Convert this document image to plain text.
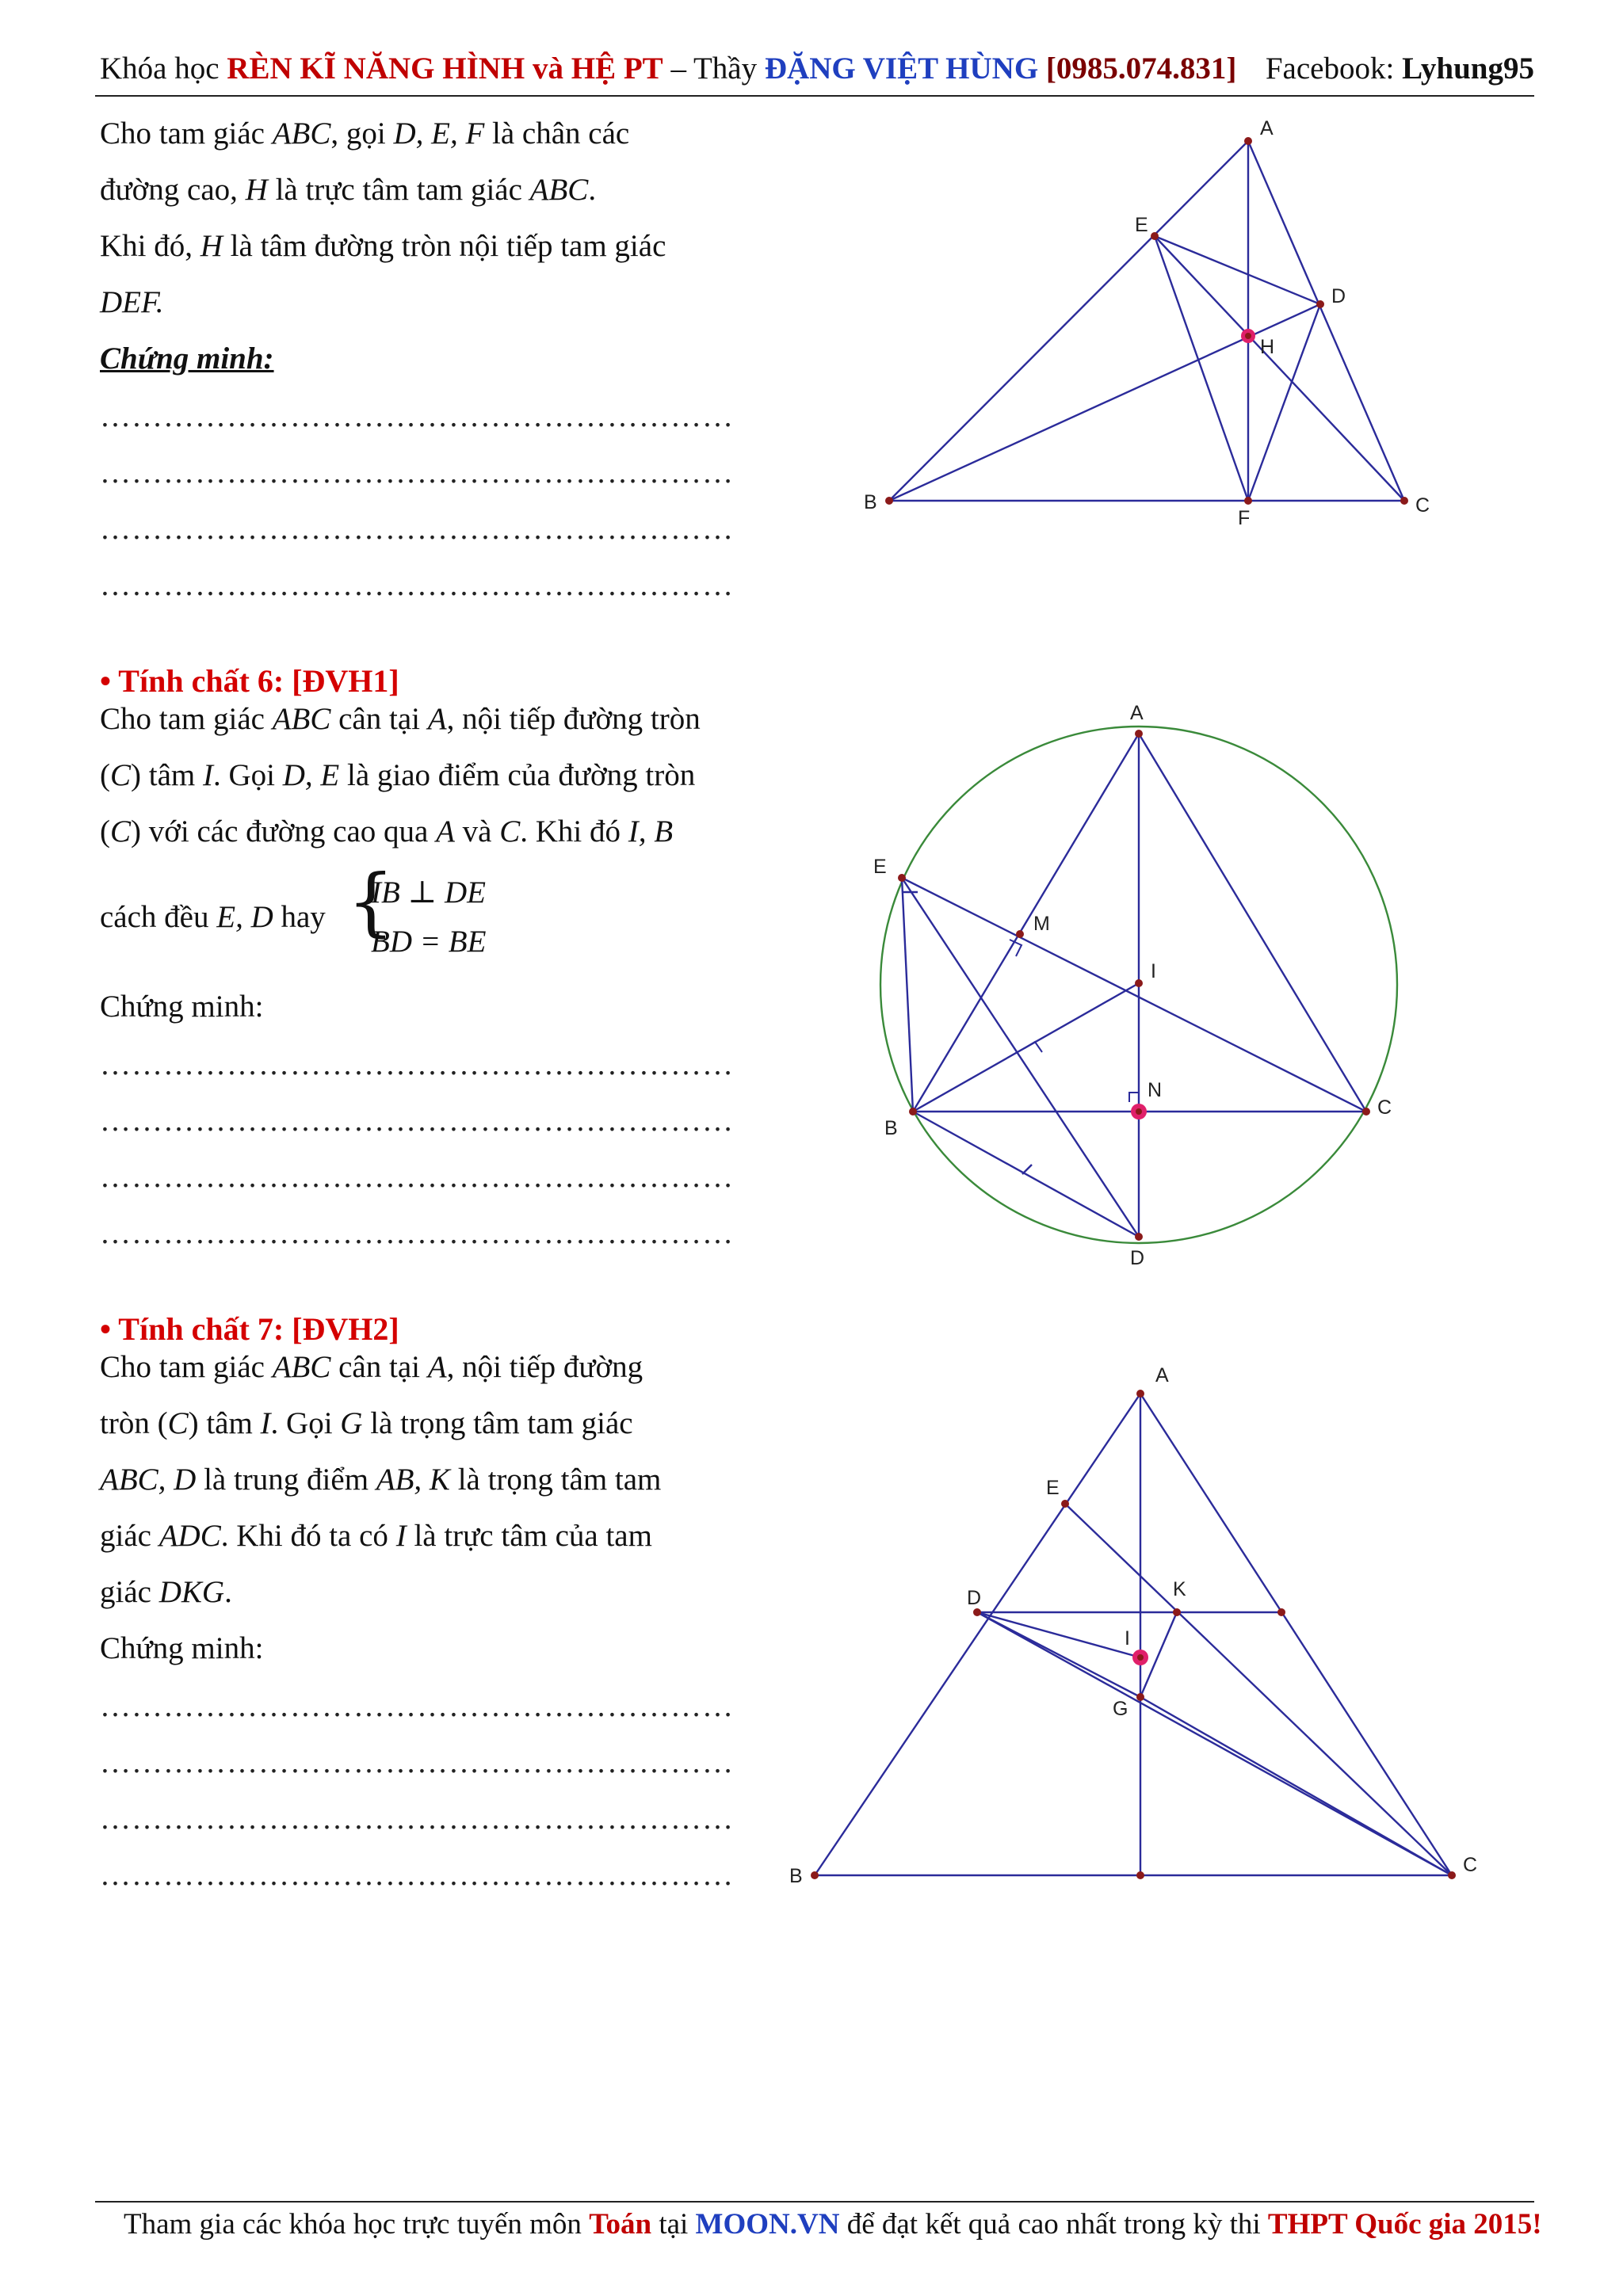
Khóa học RÈN KĨ NĂNG HÌNH và HỆ PT – Thầy ĐẶNG VIỆT HÙNG [0985.074.831] Facebook: Lyhung95
Cho tam giác ABC, gọi D, E, F là chân các
đường cao, H là trực tâm tam giác ABC.
Khi đó, H là tâm đường tròn nội tiếp tam giác
DEF.
Chứng minh:
……………………………………………………
……………………………………………………
……………………………………………………
……………………………………………………
A
E
D
H
B
F
C
• Tính chất 6: [ĐVH1]
Cho tam giác ABC cân tại A, nội tiếp đường tròn
(C) tâm I. Gọi D, E là giao điểm của đường tròn
(C) với các đường cao qua A và C. Khi đó I, B
cách đều E, D hay {
IB ⊥ DE
BD = BE
Chứng minh:
……………………………………………………
……………………………………………………
……………………………………………………
……………………………………………………
A
E
M
I
N
B
C
D
• Tính chất 7: [ĐVH2]
Cho tam giác ABC cân tại A, nội tiếp đường
tròn (C) tâm I. Gọi G là trọng tâm tam giác
ABC, D là trung điểm AB, K là trọng tâm tam
giác ADC. Khi đó ta có I là trực tâm của tam
giác DKG.
Chứng minh:
……………………………………………………
……………………………………………………
……………………………………………………
……………………………………………………
A
E
D	K
I
G
B	C
Tham gia các khóa học trực tuyến môn Toán tại MOON.VN để đạt kết quả cao nhất trong kỳ thi THPT Quốc gia 2015!
